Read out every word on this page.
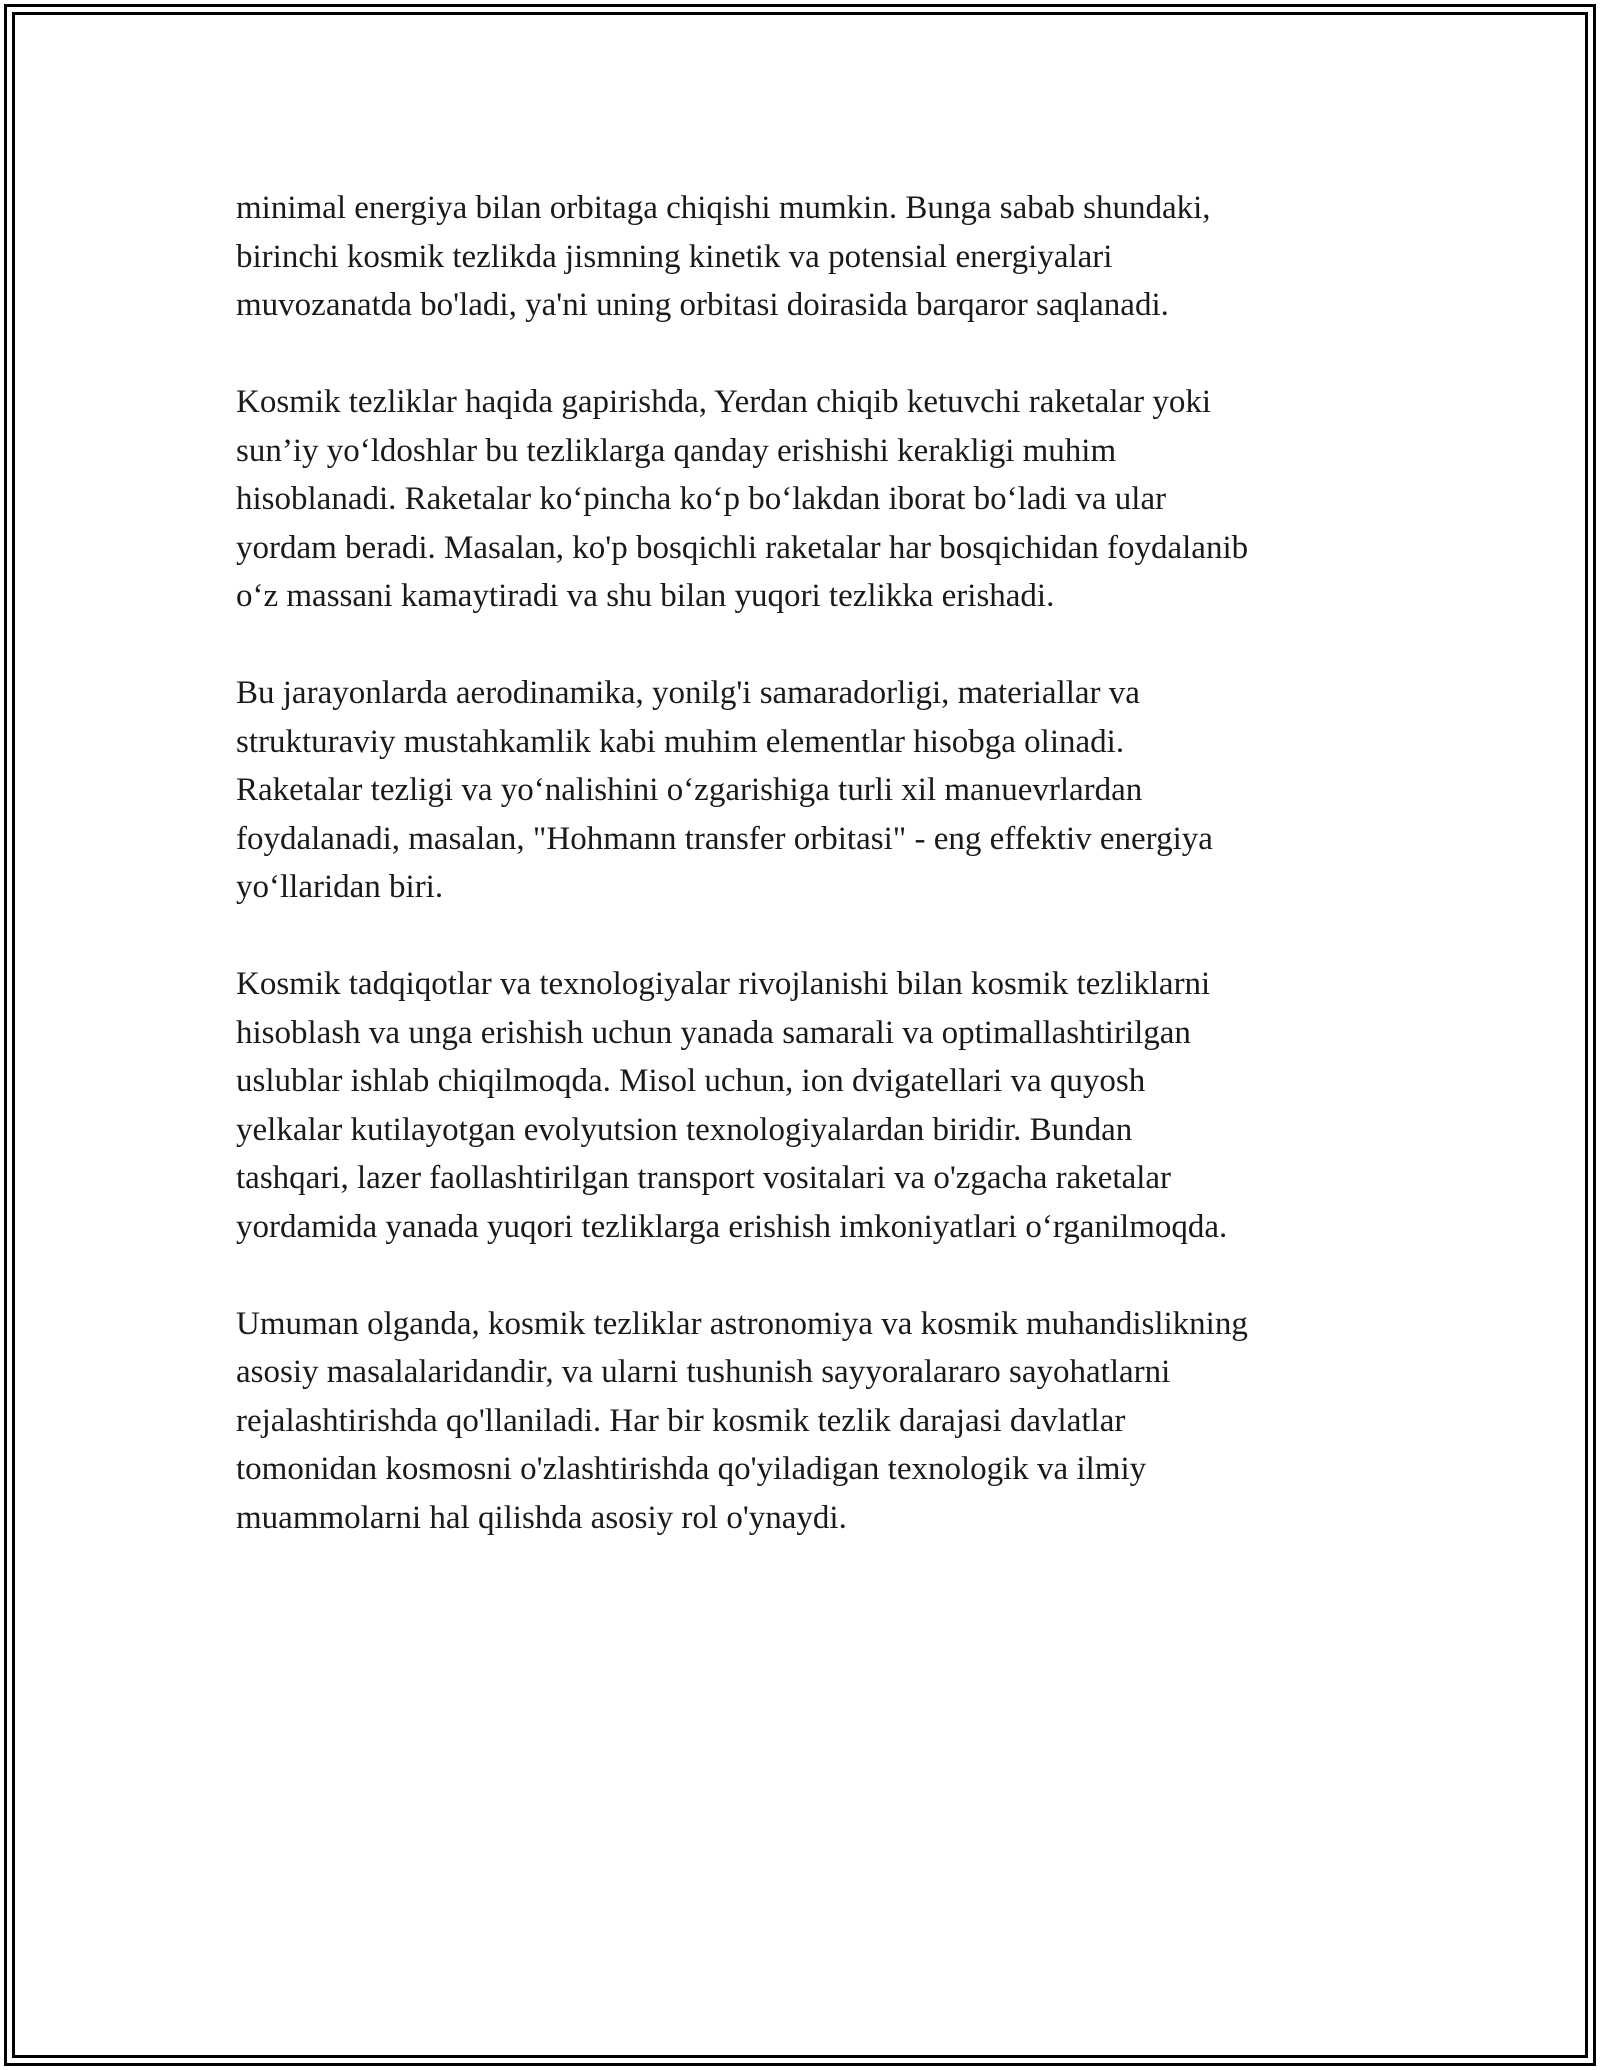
minimal energiya bilan orbitaga chiqishi mumkin. Bunga sabab shundaki,
birinchi kosmik tezlikda jismning kinetik va potensial energiyalari
muvozanatda bo'ladi, ya'ni uning orbitasi doirasida barqaror saqlanadi.
Kosmik tezliklar haqida gapirishda, Yerdan chiqib ketuvchi raketalar yoki
sun’iy yo‘ldoshlar bu tezliklarga qanday erishishi kerakligi muhim
hisoblanadi. Raketalar ko‘pincha ko‘p bo‘lakdan iborat bo‘ladi va ular
yordam beradi. Masalan, ko'p bosqichli raketalar har bosqichidan foydalanib
o‘z massani kamaytiradi va shu bilan yuqori tezlikka erishadi.
Bu jarayonlarda aerodinamika, yonilg'i samaradorligi, materiallar va
strukturaviy mustahkamlik kabi muhim elementlar hisobga olinadi.
Raketalar tezligi va yo‘nalishini o‘zgarishiga turli xil manuevrlardan
foydalanadi, masalan, "Hohmann transfer orbitasi" - eng effektiv energiya
yo‘llaridan biri.
Kosmik tadqiqotlar va texnologiyalar rivojlanishi bilan kosmik tezliklarni
hisoblash va unga erishish uchun yanada samarali va optimallashtirilgan
uslublar ishlab chiqilmoqda. Misol uchun, ion dvigatellari va quyosh
yelkalar kutilayotgan evolyutsion texnologiyalardan biridir. Bundan
tashqari, lazer faollashtirilgan transport vositalari va o'zgacha raketalar
yordamida yanada yuqori tezliklarga erishish imkoniyatlari o‘rganilmoqda.
Umuman olganda, kosmik tezliklar astronomiya va kosmik muhandislikning
asosiy masalalaridandir, va ularni tushunish sayyoralararo sayohatlarni
rejalashtirishda qo'llaniladi. Har bir kosmik tezlik darajasi davlatlar
tomonidan kosmosni o'zlashtirishda qo'yiladigan texnologik va ilmiy
muammolarni hal qilishda asosiy rol o'ynaydi.
